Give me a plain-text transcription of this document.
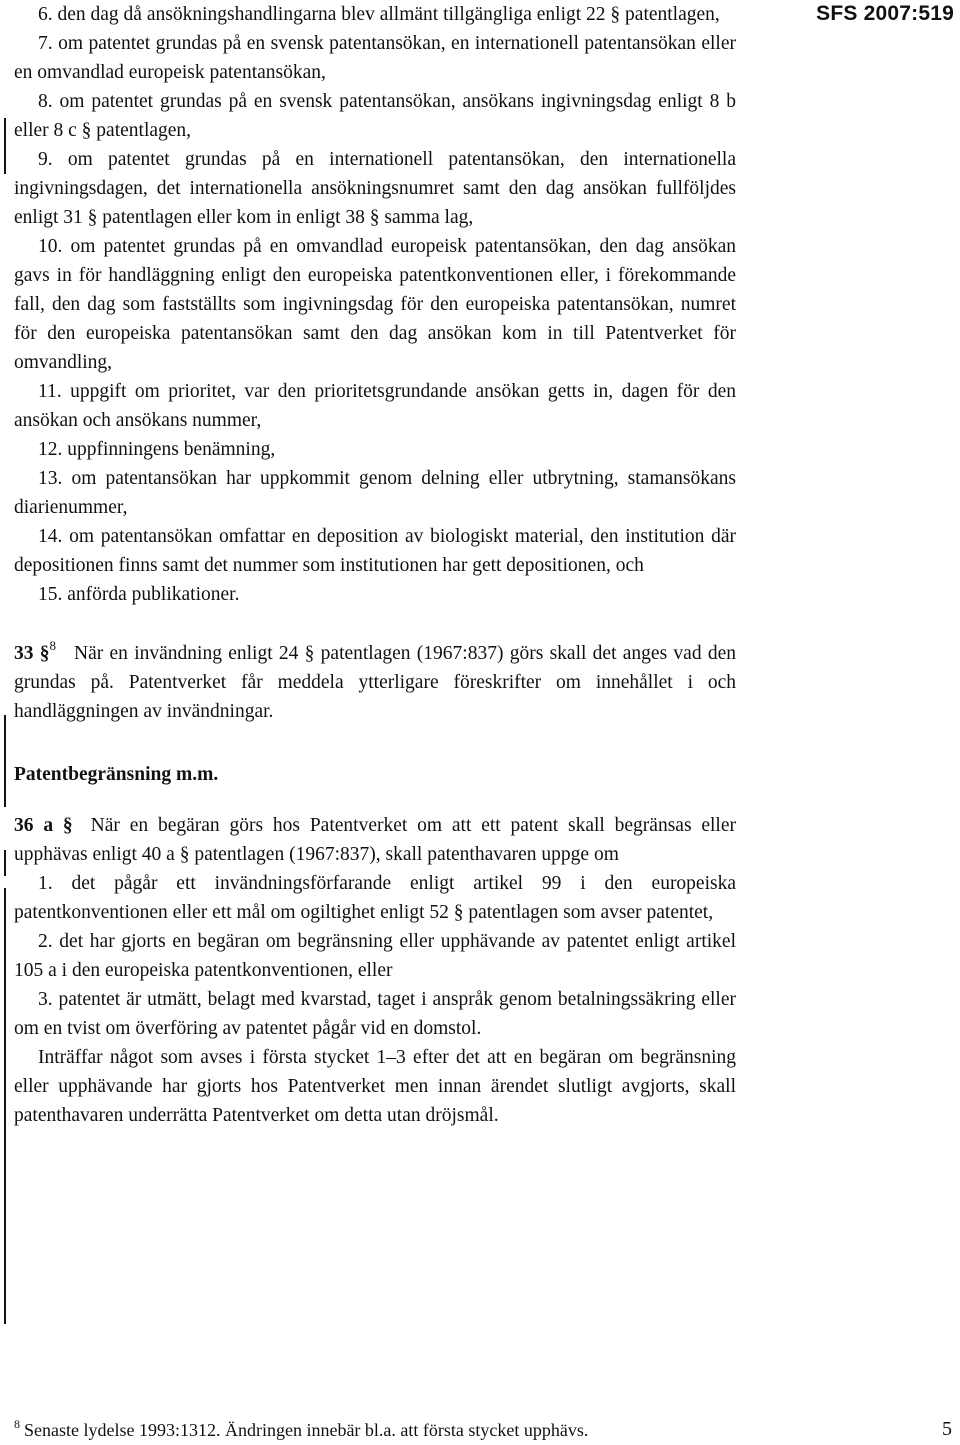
SFS 2007:519

6. den dag då ansökningshandlingarna blev allmänt tillgängliga enligt 22 § patentlagen,

7. om patentet grundas på en svensk patentansökan, en internationell patentansökan eller en omvandlad europeisk patentansökan,

8. om patentet grundas på en svensk patentansökan, ansökans ingivningsdag enligt 8 b eller 8 c § patentlagen,

9. om patentet grundas på en internationell patentansökan, den internationella ingivningsdagen, det internationella ansökningsnumret samt den dag ansökan fullföljdes enligt 31 § patentlagen eller kom in enligt 38 § samma lag,

10. om patentet grundas på en omvandlad europeisk patentansökan, den dag ansökan gavs in för handläggning enligt den europeiska patentkonventionen eller, i förekommande fall, den dag som fastställts som ingivningsdag för den europeiska patentansökan, numret för den europeiska patentansökan samt den dag ansökan kom in till Patentverket för omvandling,

11. uppgift om prioritet, var den prioritetsgrundande ansökan getts in, dagen för den ansökan och ansökans nummer,

12. uppfinningens benämning,

13. om patentansökan har uppkommit genom delning eller utbrytning, stamansökans diarienummer,

14. om patentansökan omfattar en deposition av biologiskt material, den institution där depositionen finns samt det nummer som institutionen har gett depositionen, och

15. anförda publikationer.

33 §$^8$ När en invändning enligt 24 § patentlagen (1967:837) görs skall det anges vad den grundas på. Patentverket får meddela ytterligare föreskrifter om innehållet i och handläggningen av invändningar.

Patentbegränsning m.m.

36 a § När en begäran görs hos Patentverket om att ett patent skall begränsas eller upphävas enligt 40 a § patentlagen (1967:837), skall patenthavaren uppge om

1. det pågår ett invändningsförfarande enligt artikel 99 i den europeiska patentkonventionen eller ett mål om ogiltighet enligt 52 § patentlagen som avser patentet,

2. det har gjorts en begäran om begränsning eller upphävande av patentet enligt artikel 105 a i den europeiska patentkonventionen, eller

3. patentet är utmätt, belagt med kvarstad, taget i anspråk genom betalningssäkring eller om en tvist om överföring av patentet pågår vid en domstol.

Inträffar något som avses i första stycket 1–3 efter det att en begäran om begränsning eller upphävande har gjorts hos Patentverket men innan ärendet slutligt avgjorts, skall patenthavaren underrätta Patentverket om detta utan dröjsmål.

$^8$ Senaste lydelse 1993:1312. Ändringen innebär bl.a. att första stycket upphävs.	5
